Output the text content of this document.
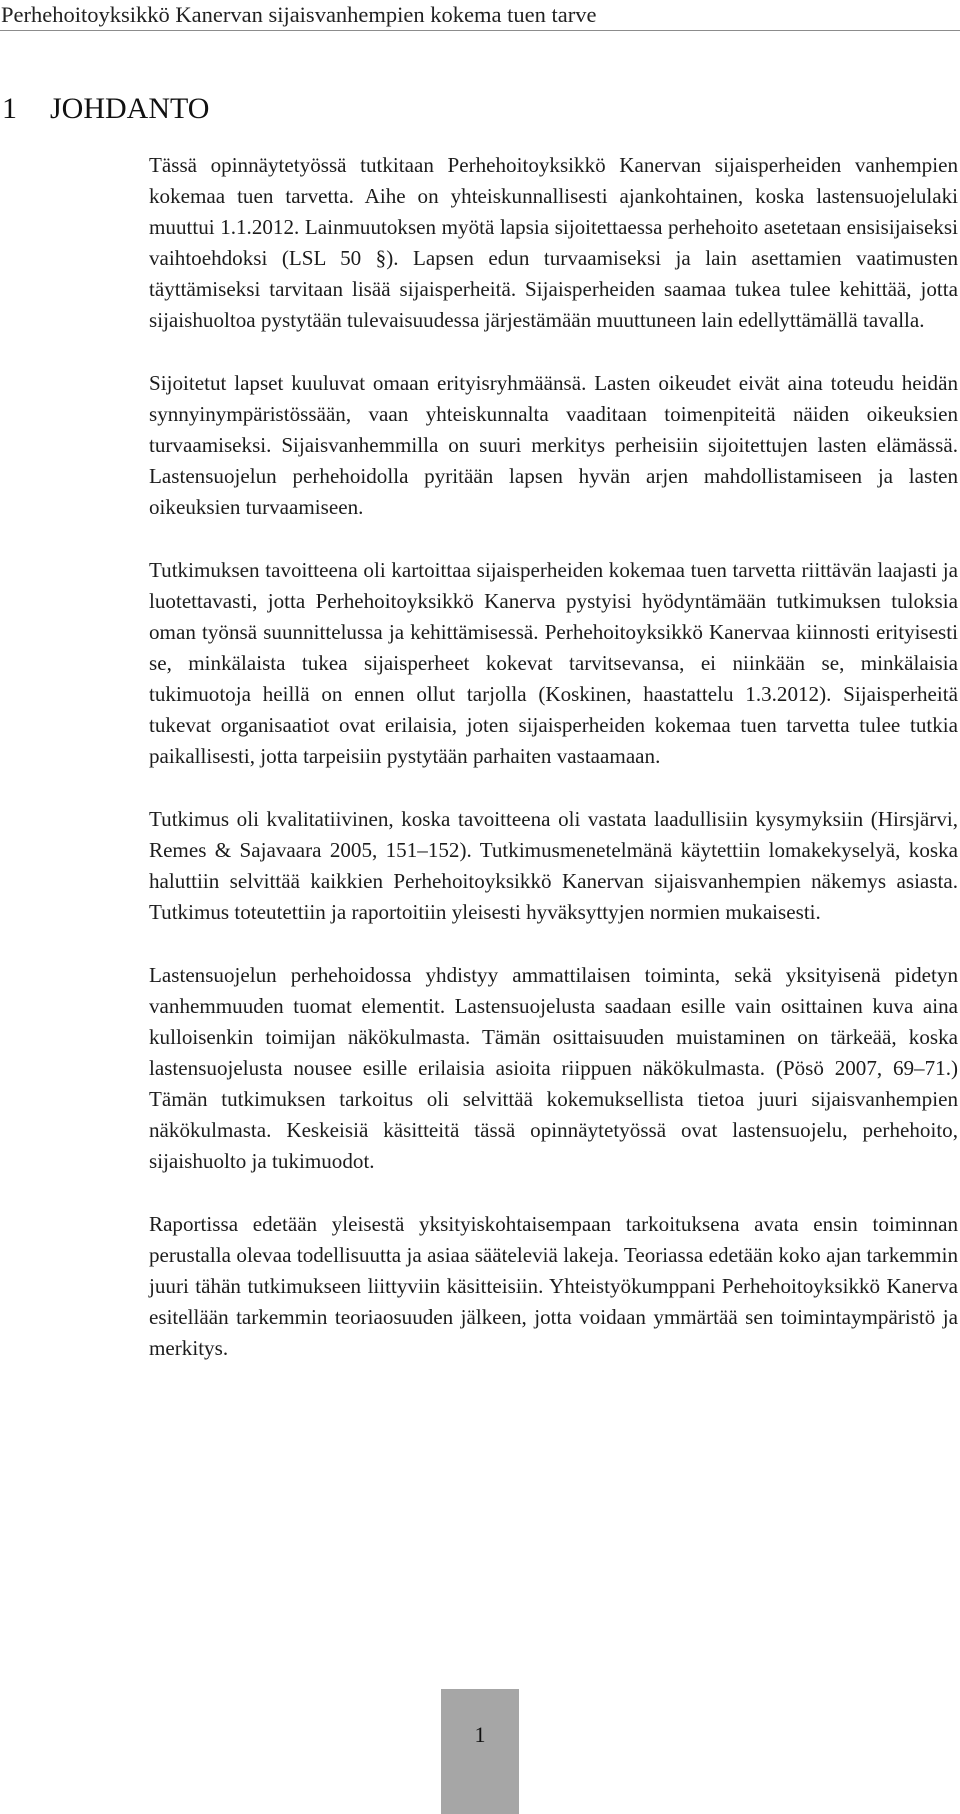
Perhehoitoyksikkö Kanervan sijaisvanhempien kokema tuen tarve
1 JOHDANTO

Tässä opinnäytetyössä tutkitaan Perhehoitoyksikkö Kanervan sijaisperheiden vanhempien kokemaa tuen tarvetta. Aihe on yhteiskunnallisesti ajankohtainen, koska lastensuojelulaki muuttui 1.1.2012. Lainmuutoksen myötä lapsia sijoitettaessa perhehoito asetetaan ensisijaiseksi vaihtoehdoksi (LSL 50 §). Lapsen edun turvaamiseksi ja lain asettamien vaatimusten täyttämiseksi tarvitaan lisää sijaisperheitä. Sijaisperheiden saamaa tukea tulee kehittää, jotta sijaishuoltoa pystytään tulevaisuudessa järjestämään muuttuneen lain edellyttämällä tavalla.

Sijoitetut lapset kuuluvat omaan erityisryhmäänsä. Lasten oikeudet eivät aina toteudu heidän synnyinympäristössään, vaan yhteiskunnalta vaaditaan toimenpiteitä näiden oikeuksien turvaamiseksi. Sijaisvanhemmilla on suuri merkitys perheisiin sijoitettujen lasten elämässä. Lastensuojelun perhehoidolla pyritään lapsen hyvän arjen mahdollistamiseen ja lasten oikeuksien turvaamiseen.

Tutkimuksen tavoitteena oli kartoittaa sijaisperheiden kokemaa tuen tarvetta riittävän laajasti ja luotettavasti, jotta Perhehoitoyksikkö Kanerva pystyisi hyödyntämään tutkimuksen tuloksia oman työnsä suunnittelussa ja kehittämisessä. Perhehoitoyksikkö Kanervaa kiinnosti erityisesti se, minkälaista tukea sijaisperheet kokevat tarvitsevansa, ei niinkään se, minkälaisia tukimuotoja heillä on ennen ollut tarjolla (Koskinen, haastattelu 1.3.2012). Sijaisperheitä tukevat organisaatiot ovat erilaisia, joten sijaisperheiden kokemaa tuen tarvetta tulee tutkia paikallisesti, jotta tarpeisiin pystytään parhaiten vastaamaan.

Tutkimus oli kvalitatiivinen, koska tavoitteena oli vastata laadullisiin kysymyksiin (Hirsjärvi, Remes & Sajavaara 2005, 151–152). Tutkimusmenetelmänä käytettiin lomakekyselyä, koska haluttiin selvittää kaikkien Perhehoitoyksikkö Kanervan sijaisvanhempien näkemys asiasta. Tutkimus toteutettiin ja raportoitiin yleisesti hyväksyttyjen normien mukaisesti.

Lastensuojelun perhehoidossa yhdistyy ammattilaisen toiminta, sekä yksityisenä pidetyn vanhemmuuden tuomat elementit. Lastensuojelusta saadaan esille vain osittainen kuva aina kulloisenkin toimijan näkökulmasta. Tämän osittaisuuden muistaminen on tärkeää, koska lastensuojelusta nousee esille erilaisia asioita riippuen näkökulmasta. (Pösö 2007, 69–71.) Tämän tutkimuksen tarkoitus oli selvittää kokemuksellista tietoa juuri sijaisvanhempien näkökulmasta. Keskeisiä käsitteitä tässä opinnäytetyössä ovat lastensuojelu, perhehoito, sijaishuolto ja tukimuodot.

Raportissa edetään yleisestä yksityiskohtaisempaan tarkoituksena avata ensin toiminnan perustalla olevaa todellisuutta ja asiaa sääteleviä lakeja. Teoriassa edetään koko ajan tarkemmin juuri tähän tutkimukseen liittyviin käsitteisiin. Yhteistyökumppani Perhehoitoyksikkö Kanerva esitellään tarkemmin teoriaosuuden jälkeen, jotta voidaan ymmärtää sen toimintaympäristö ja merkitys.

1
